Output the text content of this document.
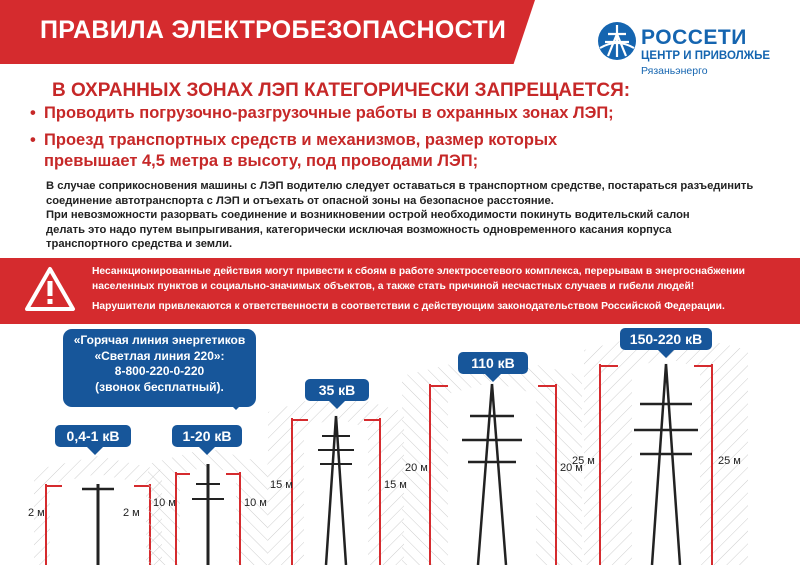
ПРАВИЛА ЭЛЕКТРОБЕЗОПАСНОСТИ	РОССЕТИ
ЦЕНТР И ПРИВОЛЖЬЕ
Рязаньэнерго
В ОХРАННЫХ ЗОНАХ ЛЭП КАТЕГОРИЧЕСКИ ЗАПРЕЩАЕТСЯ:
• Проводить погрузочно-разгрузочные работы в охранных зонах ЛЭП;
• Проезд транспортных средств и механизмов, размер которых
превышает 4,5 метра в высоту, под проводами ЛЭП;
В случае соприкосновения машины с ЛЭП водителю следует оставаться в транспортном средстве, постараться разъединить
соединение автотранспорта с ЛЭП и отъехать от опасной зоны на безопасное расстояние.
При невозможности разорвать соединение и возникновении острой необходимости покинуть водительский салон
делать это надо путем выпрыгивания, категорически исключая возможность одновременного касания корпуса
транспортного средства и земли.
Несанкционированные действия могут привести к сбоям в работе электросетевого комплекса, перерывам в энергоснабжении
населенных пунктов и социально-значимых объектов, а также стать причиной несчастных случаев и гибели людей!
Нарушители привлекаются к ответственности в соответствии с действующим законодательством Российской Федерации.
«Горячая линия энергетиков
«Светлая линия 220»:
8-800-220-0-220
(звонок бесплатный).
0,4-1 кВ	1-20 кВ
35 кВ
110 кВ
150-220 кВ
2 м	2 м
10 м	10 м
15 м	15 м
20 м	20 м
25 м	25 м
